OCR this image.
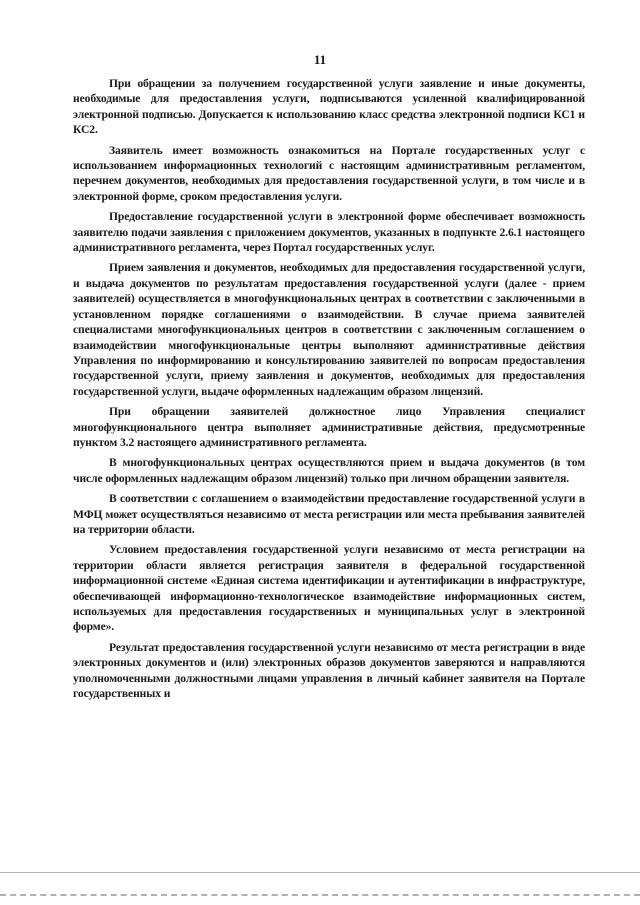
11

При обращении за получением государственной услуги заявление и иные документы, необходимые для предоставления услуги, подписываются усиленной квалифицированной электронной подписью. Допускается к использованию класс средства электронной подписи КС1 и КС2.

Заявитель имеет возможность ознакомиться на Портале государственных услуг с использованием информационных технологий с настоящим административным регламентом, перечнем документов, необходимых для предоставления государственной услуги, в том числе и в электронной форме, сроком предоставления услуги.

Предоставление государственной услуги в электронной форме обеспечивает возможность заявителю подачи заявления с приложением документов, указанных в подпункте 2.6.1 настоящего административного регламента, через Портал государственных услуг.

Прием заявления и документов, необходимых для предоставления государственной услуги, и выдача документов по результатам предоставления государственной услуги (далее - прием заявителей) осуществляется в многофункциональных центрах в соответствии с заключенными в установленном порядке соглашениями о взаимодействии. В случае приема заявителей специалистами многофункциональных центров в соответствии с заключенным соглашением о взаимодействии многофункциональные центры выполняют административные действия Управления по информированию и консультированию заявителей по вопросам предоставления государственной услуги, приему заявления и документов, необходимых для предоставления государственной услуги, выдаче оформленных надлежащим образом лицензий.

При обращении заявителей должностное лицо Управления специалист многофункционального центра выполняет административные действия, предусмотренные пунктом 3.2 настоящего административного регламента.

В многофункциональных центрах осуществляются прием и выдача документов (в том числе оформленных надлежащим образом лицензий) только при личном обращении заявителя.

В соответствии с соглашением о взаимодействии предоставление государственной услуги в МФЦ может осуществляться независимо от места регистрации или места пребывания заявителей на территории области.

Условием предоставления государственной услуги независимо от места регистрации на территории области является регистрация заявителя в федеральной государственной информационной системе «Единая система идентификации и аутентификации в инфраструктуре, обеспечивающей информационно-технологическое взаимодействие информационных систем, используемых для предоставления государственных и муниципальных услуг в электронной форме».

Результат предоставления государственной услуги независимо от места регистрации в виде электронных документов и (или) электронных образов документов заверяются и направляются уполномоченными должностными лицами управления в личный кабинет заявителя на Портале государственных и
